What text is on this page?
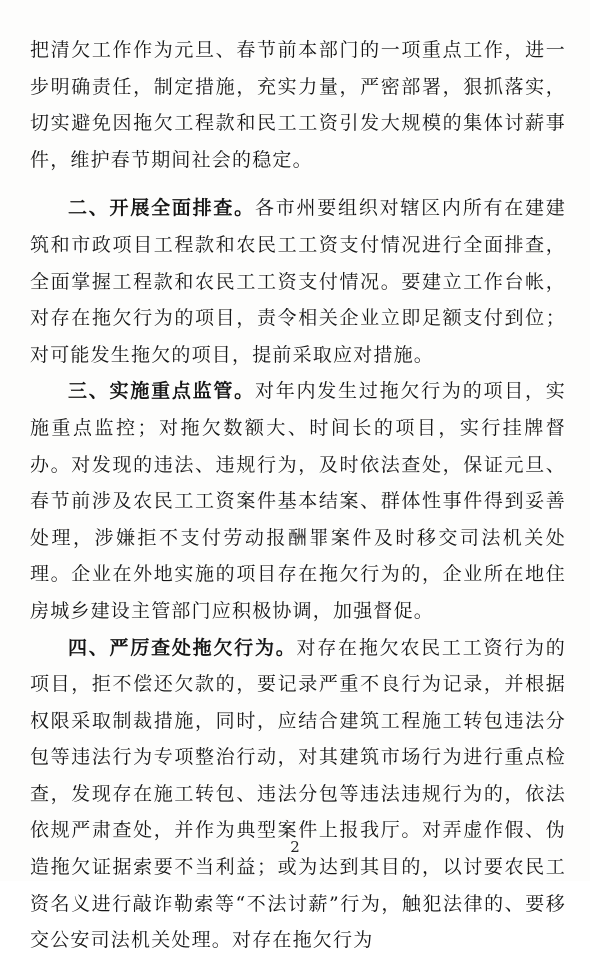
把清欠工作作为元旦、春节前本部门的一项重点工作，进一步明确责任，制定措施，充实力量，严密部署，狠抓落实，切实避免因拖欠工程款和民工工资引发大规模的集体讨薪事件，维护春节期间社会的稳定。

二、开展全面排查。各市州要组织对辖区内所有在建建筑和市政项目工程款和农民工工资支付情况进行全面排查，全面掌握工程款和农民工工资支付情况。要建立工作台帐，对存在拖欠行为的项目，责令相关企业立即足额支付到位；对可能发生拖欠的项目，提前采取应对措施。

三、实施重点监管。对年内发生过拖欠行为的项目，实施重点监控；对拖欠数额大、时间长的项目，实行挂牌督办。对发现的违法、违规行为，及时依法查处，保证元旦、春节前涉及农民工工资案件基本结案、群体性事件得到妥善处理，涉嫌拒不支付劳动报酬罪案件及时移交司法机关处理。企业在外地实施的项目存在拖欠行为的，企业所在地住房城乡建设主管部门应积极协调，加强督促。

四、严厉查处拖欠行为。对存在拖欠农民工工资行为的项目，拒不偿还欠款的，要记录严重不良行为记录，并根据权限采取制裁措施，同时，应结合建筑工程施工转包违法分包等违法行为专项整治行动，对其建筑市场行为进行重点检查，发现存在施工转包、违法分包等违法违规行为的，依法依规严肃查处，并作为典型案件上报我厅。对弄虚作假、伪造拖欠证据索要不当利益；或为达到其目的，以讨要农民工资名义进行敲诈勒索等“不法讨薪”行为，触犯法律的、要移交公安司法机关处理。对存在拖欠行为

2
